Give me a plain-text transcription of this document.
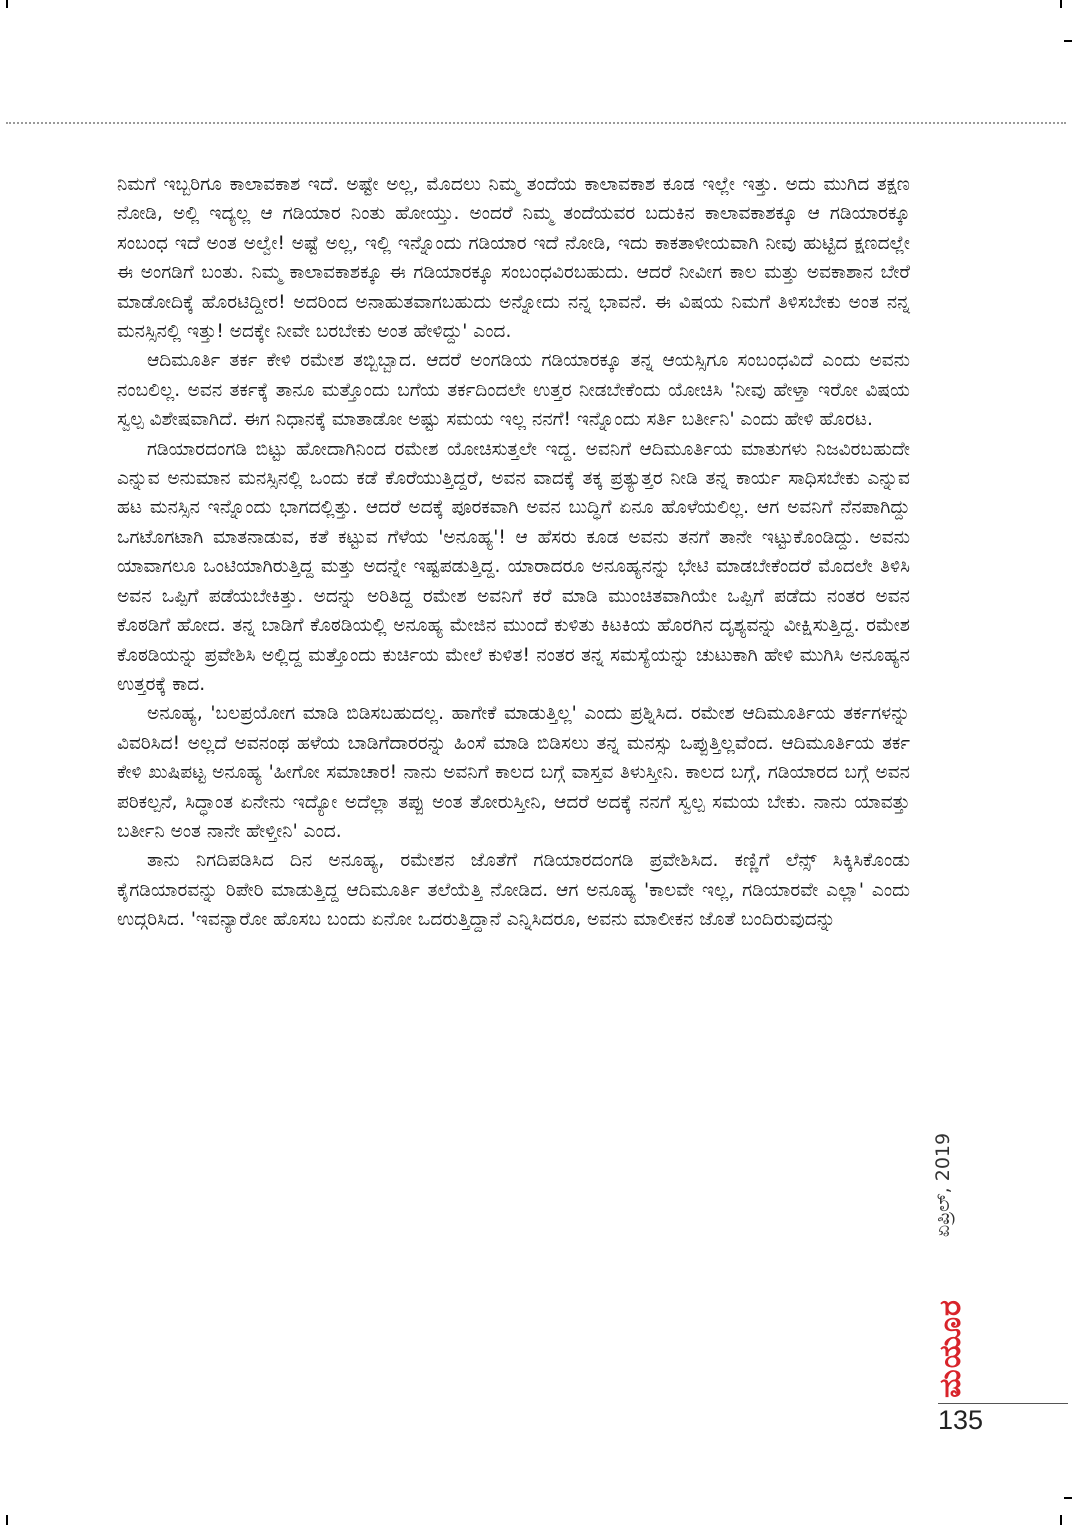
ನಿಮಗೆ ಇಬ್ಬರಿಗೂ ಕಾಲಾವಕಾಶ ಇದೆ. ಅಷ್ಟೇ ಅಲ್ಲ, ಮೊದಲು ನಿಮ್ಮ ತಂದೆಯ ಕಾಲಾವಕಾಶ ಕೂಡ ಇಲ್ಲೇ ಇತ್ತು. ಅದು ಮುಗಿದ ತಕ್ಷಣ ನೋಡಿ, ಅಲ್ಲಿ ಇದ್ಯಲ್ಲ ಆ ಗಡಿಯಾರ ನಿಂತು ಹೋಯ್ತು. ಅಂದರೆ ನಿಮ್ಮ ತಂದೆಯವರ ಬದುಕಿನ ಕಾಲಾವಕಾಶಕ್ಕೂ ಆ ಗಡಿಯಾರಕ್ಕೂ ಸಂಬಂಧ ಇದೆ ಅಂತ ಅಲ್ವೇ! ಅಷ್ಟೆ ಅಲ್ಲ, ಇಲ್ಲಿ ಇನ್ನೊಂದು ಗಡಿಯಾರ ಇದೆ ನೋಡಿ, ಇದು ಕಾಕತಾಳೀಯವಾಗಿ ನೀವು ಹುಟ್ಟಿದ ಕ್ಷಣದಲ್ಲೇ ಈ ಅಂಗಡಿಗೆ ಬಂತು. ನಿಮ್ಮ ಕಾಲಾವಕಾಶಕ್ಕೂ ಈ ಗಡಿಯಾರಕ್ಕೂ ಸಂಬಂಧವಿರಬಹುದು. ಆದರೆ ನೀವೀಗ ಕಾಲ ಮತ್ತು ಅವಕಾಶಾನ ಬೇರೆ ಮಾಡೋದಿಕ್ಕೆ ಹೊರಟಿದ್ದೀರ! ಅದರಿಂದ ಅನಾಹುತವಾಗಬಹುದು ಅನ್ನೋದು ನನ್ನ ಭಾವನೆ. ಈ ವಿಷಯ ನಿಮಗೆ ತಿಳಿಸಬೇಕು ಅಂತ ನನ್ನ ಮನಸ್ಸಿನಲ್ಲಿ ಇತ್ತು! ಅದಕ್ಕೇ ನೀವೇ ಬರಬೇಕು ಅಂತ ಹೇಳಿದ್ದು' ಎಂದ.

ಆದಿಮೂರ್ತಿ ತರ್ಕ ಕೇಳಿ ರಮೇಶ ತಬ್ಬಿಬ್ಬಾದ. ಆದರೆ ಅಂಗಡಿಯ ಗಡಿಯಾರಕ್ಕೂ ತನ್ನ ಆಯಸ್ಸಿಗೂ ಸಂಬಂಧವಿದೆ ಎಂದು ಅವನು ನಂಬಲಿಲ್ಲ. ಅವನ ತರ್ಕಕ್ಕೆ ತಾನೂ ಮತ್ತೊಂದು ಬಗೆಯ ತರ್ಕದಿಂದಲೇ ಉತ್ತರ ನೀಡಬೇಕೆಂದು ಯೋಚಿಸಿ 'ನೀವು ಹೇಳ್ತಾ ಇರೋ ವಿಷಯ ಸ್ವಲ್ಪ ವಿಶೇಷವಾಗಿದೆ. ಈಗ ನಿಧಾನಕ್ಕೆ ಮಾತಾಡೋ ಅಷ್ಟು ಸಮಯ ಇಲ್ಲ ನನಗೆ! ಇನ್ನೊಂದು ಸರ್ತಿ ಬರ್ತೀನಿ' ಎಂದು ಹೇಳಿ ಹೊರಟ.

ಗಡಿಯಾರದಂಗಡಿ ಬಿಟ್ಟು ಹೋದಾಗಿನಿಂದ ರಮೇಶ ಯೋಚಿಸುತ್ತಲೇ ಇದ್ದ. ಅವನಿಗೆ ಆದಿಮೂರ್ತಿಯ ಮಾತುಗಳು ನಿಜವಿರಬಹುದೇ ಎನ್ನುವ ಅನುಮಾನ ಮನಸ್ಸಿನಲ್ಲಿ ಒಂದು ಕಡೆ ಕೊರೆಯುತ್ತಿದ್ದರೆ, ಅವನ ವಾದಕ್ಕೆ ತಕ್ಕ ಪ್ರತ್ಯುತ್ತರ ನೀಡಿ ತನ್ನ ಕಾರ್ಯ ಸಾಧಿಸಬೇಕು ಎನ್ನುವ ಹಟ ಮನಸ್ಸಿನ ಇನ್ನೊಂದು ಭಾಗದಲ್ಲಿತ್ತು. ಆದರೆ ಅದಕ್ಕೆ ಪೂರಕವಾಗಿ ಅವನ ಬುದ್ಧಿಗೆ ಏನೂ ಹೊಳೆಯಲಿಲ್ಲ. ಆಗ ಅವನಿಗೆ ನೆನಪಾಗಿದ್ದು ಒಗಟೊಗಟಾಗಿ ಮಾತನಾಡುವ, ಕತೆ ಕಟ್ಟುವ ಗೆಳೆಯ 'ಅನೂಹ್ಯ'! ಆ ಹೆಸರು ಕೂಡ ಅವನು ತನಗೆ ತಾನೇ ಇಟ್ಟುಕೊಂಡಿದ್ದು. ಅವನು ಯಾವಾಗಲೂ ಒಂಟಿಯಾಗಿರುತ್ತಿದ್ದ ಮತ್ತು ಅದನ್ನೇ ಇಷ್ಟಪಡುತ್ತಿದ್ದ. ಯಾರಾದರೂ ಅನೂಹ್ಯನನ್ನು ಭೇಟಿ ಮಾಡಬೇಕೆಂದರೆ ಮೊದಲೇ ತಿಳಿಸಿ ಅವನ ಒಪ್ಪಿಗೆ ಪಡೆಯಬೇಕಿತ್ತು. ಅದನ್ನು ಅರಿತಿದ್ದ ರಮೇಶ ಅವನಿಗೆ ಕರೆ ಮಾಡಿ ಮುಂಚಿತವಾಗಿಯೇ ಒಪ್ಪಿಗೆ ಪಡೆದು ನಂತರ ಅವನ ಕೊಠಡಿಗೆ ಹೋದ. ತನ್ನ ಬಾಡಿಗೆ ಕೊಠಡಿಯಲ್ಲಿ ಅನೂಹ್ಯ ಮೇಜಿನ ಮುಂದೆ ಕುಳಿತು ಕಿಟಕಿಯ ಹೊರಗಿನ ದೃಶ್ಯವನ್ನು ವೀಕ್ಷಿಸುತ್ತಿದ್ದ. ರಮೇಶ ಕೊಠಡಿಯನ್ನು ಪ್ರವೇಶಿಸಿ ಅಲ್ಲಿದ್ದ ಮತ್ತೊಂದು ಕುರ್ಚಿಯ ಮೇಲೆ ಕುಳಿತ! ನಂತರ ತನ್ನ ಸಮಸ್ಯೆಯನ್ನು ಚುಟುಕಾಗಿ ಹೇಳಿ ಮುಗಿಸಿ ಅನೂಹ್ಯನ ಉತ್ತರಕ್ಕೆ ಕಾದ.

ಅನೂಹ್ಯ, 'ಬಲಪ್ರಯೋಗ ಮಾಡಿ ಬಿಡಿಸಬಹುದಲ್ಲ. ಹಾಗೇಕೆ ಮಾಡುತ್ತಿಲ್ಲ' ಎಂದು ಪ್ರಶ್ನಿಸಿದ. ರಮೇಶ ಆದಿಮೂರ್ತಿಯ ತರ್ಕಗಳನ್ನು ವಿವರಿಸಿದ! ಅಲ್ಲದೆ ಅವನಂಥ ಹಳೆಯ ಬಾಡಿಗೆದಾರರನ್ನು ಹಿಂಸೆ ಮಾಡಿ ಬಿಡಿಸಲು ತನ್ನ ಮನಸ್ಸು ಒಪ್ಪುತ್ತಿಲ್ಲವೆಂದ. ಆದಿಮೂರ್ತಿಯ ತರ್ಕ ಕೇಳಿ ಖುಷಿಪಟ್ಟ ಅನೂಹ್ಯ 'ಹೀಗೋ ಸಮಾಚಾರ! ನಾನು ಅವನಿಗೆ ಕಾಲದ ಬಗ್ಗೆ ವಾಸ್ತವ ತಿಳುಸ್ತೀನಿ. ಕಾಲದ ಬಗ್ಗೆ, ಗಡಿಯಾರದ ಬಗ್ಗೆ ಅವನ ಪರಿಕಲ್ಪನೆ, ಸಿದ್ಧಾಂತ ಏನೇನು ಇದ್ಯೋ ಅದೆಲ್ಲಾ ತಪ್ಪು ಅಂತ ತೋರುಸ್ತೀನಿ, ಆದರೆ ಅದಕ್ಕೆ ನನಗೆ ಸ್ವಲ್ಪ ಸಮಯ ಬೇಕು. ನಾನು ಯಾವತ್ತು ಬರ್ತೀನಿ ಅಂತ ನಾನೇ ಹೇಳ್ತೀನಿ' ಎಂದ.

ತಾನು ನಿಗದಿಪಡಿಸಿದ ದಿನ ಅನೂಹ್ಯ, ರಮೇಶನ ಜೊತೆಗೆ ಗಡಿಯಾರದಂಗಡಿ ಪ್ರವೇಶಿಸಿದ. ಕಣ್ಣಿಗೆ ಲೆನ್ಸ್ ಸಿಕ್ಕಿಸಿಕೊಂಡು ಕೈಗಡಿಯಾರವನ್ನು ರಿಪೇರಿ ಮಾಡುತ್ತಿದ್ದ ಆದಿಮೂರ್ತಿ ತಲೆಯೆತ್ತಿ ನೋಡಿದ. ಆಗ ಅನೂಹ್ಯ 'ಕಾಲವೇ ಇಲ್ಲ, ಗಡಿಯಾರವೇ ಎಲ್ಲಾ' ಎಂದು ಉದ್ಗರಿಸಿದ. 'ಇವನ್ಯಾರೋ ಹೊಸಬ ಬಂದು ಏನೋ ಒದರುತ್ತಿದ್ದಾನೆ ಎನ್ನಿಸಿದರೂ, ಅವನು ಮಾಲೀಕನ ಜೊತೆ ಬಂದಿರುವುದನ್ನು

ಏಪ್ರಿಲ್, 2019
ಮಯೂರ
135
